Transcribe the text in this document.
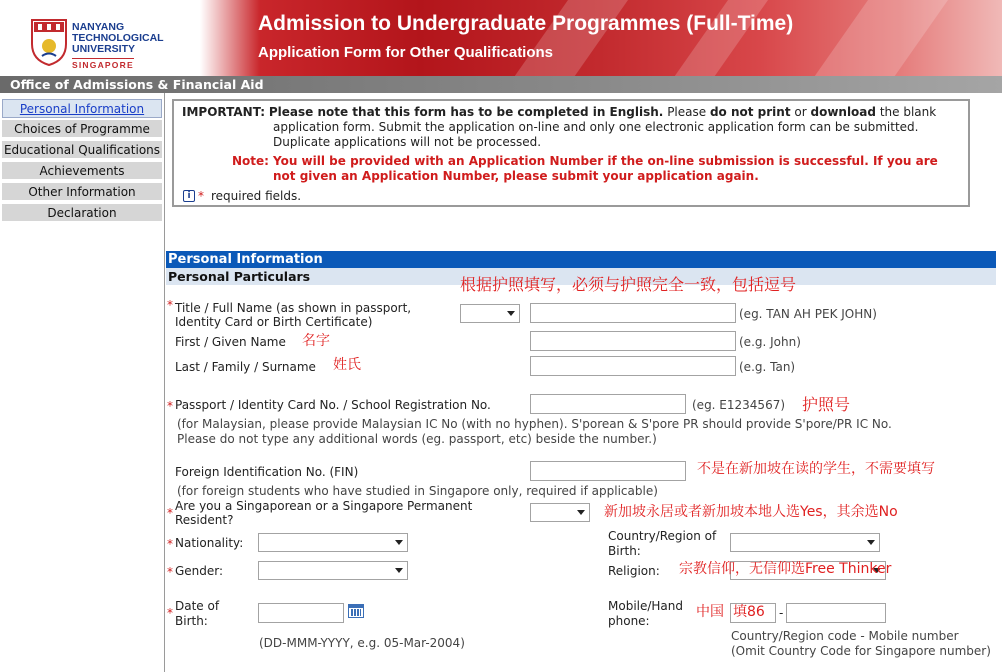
NANYANG
TECHNOLOGICAL
UNIVERSITY
SINGAPORE
Admission to Undergraduate Programmes (Full-Time)
Application Form for Other Qualifications
Office of Admissions & Financial Aid
Personal Information
Choices of Programme
Educational Qualifications
Achievements
Other Information
Declaration
IMPORTANT: Please note that this form has to be completed in English. Please do not print or download the blank
application form. Submit the application on-line and only one electronic application form can be submitted.
Duplicate applications will not be processed.
Note: You will be provided with an Application Number if the on-line submission is successful. If you are
not given an Application Number, please submit your application again.
i * required fields.
Personal Information
Personal Particulars	根据护照填写，必须与护照完全一致，包括逗号
* Title / Full Name (as shown in passport,
Identity Card or Birth Certificate)
(eg. TAN AH PEK JOHN)
First / Given Name 名字	(e.g. John)
Last / Family / Surname 姓氏	(e.g. Tan)
* Passport / Identity Card No. / School Registration No.	(eg. E1234567) 护照号
(for Malaysian, please provide Malaysian IC No (with no hyphen). S'porean & S'pore PR should provide S'pore/PR IC No.
Please do not type any additional words (eg. passport, etc) beside the number.)
Foreign Identification No. (FIN)	不是在新加坡在读的学生，不需要填写
(for foreign students who have studied in Singapore only, required if applicable)
* Are you a Singaporean or a Singapore Permanent
Resident?	新加坡永居或者新加坡本地人选Yes，其余选No
* Nationality:	Country/Region of
Birth:
* Gender:	Religion: 宗教信仰，无信仰选Free Thinker
* Date of
Birth:
(DD-MMM-YYYY, e.g. 05-Mar-2004)
Mobile/Hand
phone:
中国 填86 -
Country/Region code - Mobile number
(Omit Country Code for Singapore number)
